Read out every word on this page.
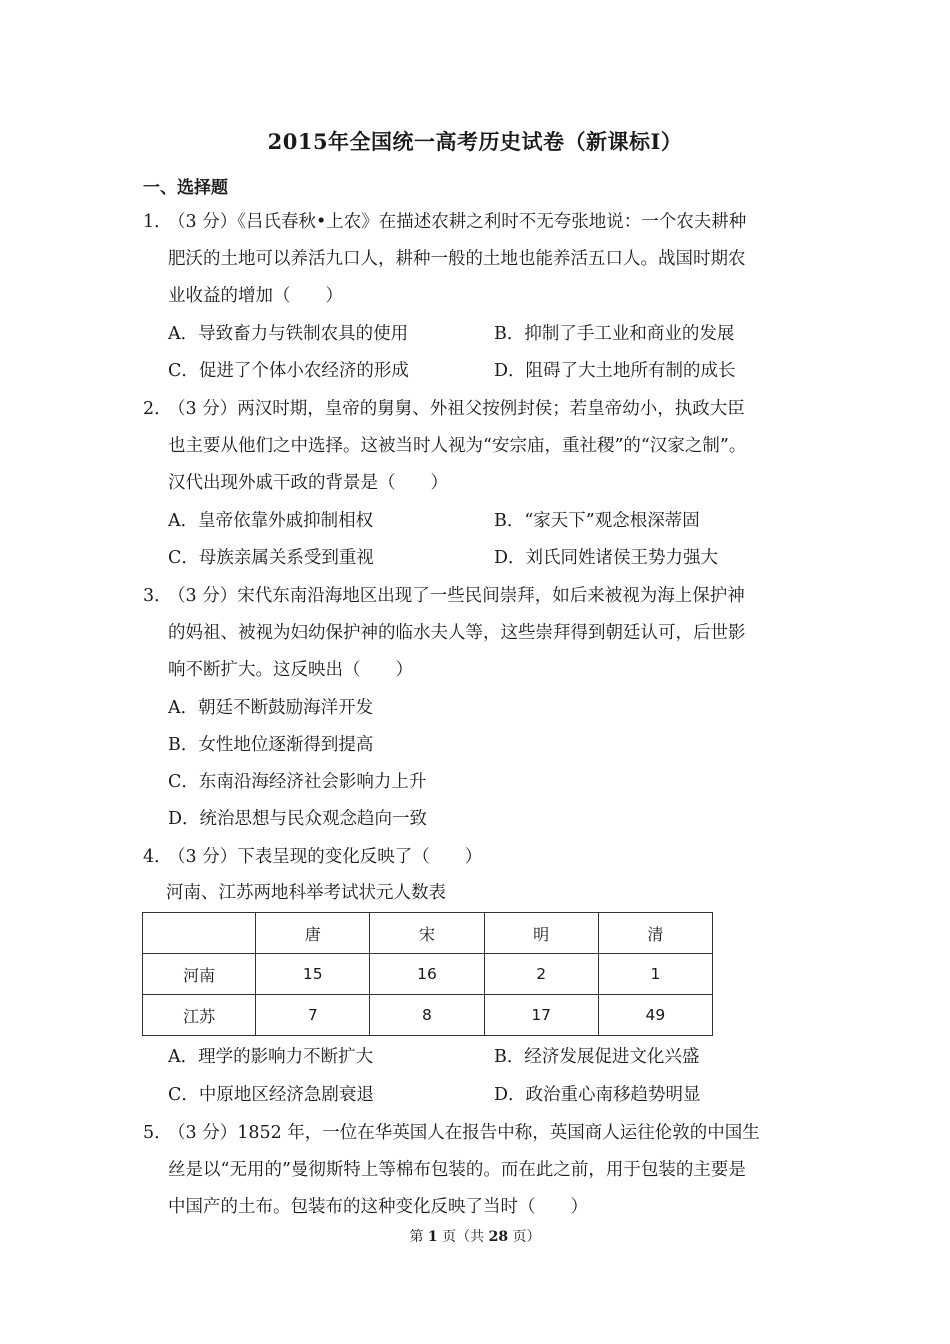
2015年全国统一高考历史试卷（新课标I）
一、选择题
1．
（3 分）《吕氏春秋•上农》在描述农耕之利时不无夸张地说：一个农夫耕种
肥沃的土地可以养活九口人，耕种一般的土地也能养活五口人。战国时期农
业收益的增加（　　）
A．导致畜力与铁制农具的使用	B．抑制了手工业和商业的发展
C．促进了个体小农经济的形成	D．阻碍了大土地所有制的成长
2．
（3 分）两汉时期，皇帝的舅舅、外祖父按例封侯；若皇帝幼小，执政大臣
也主要从他们之中选择。这被当时人视为“安宗庙，重社稷”的“汉家之制”。
汉代出现外戚干政的背景是（　　）
A．皇帝依靠外戚抑制相权	B．“家天下”观念根深蒂固
C．母族亲属关系受到重视	D．刘氏同姓诸侯王势力强大
3．
（3 分）宋代东南沿海地区出现了一些民间崇拜，如后来被视为海上保护神
的妈祖、被视为妇幼保护神的临水夫人等，这些崇拜得到朝廷认可，后世影
响不断扩大。这反映出（　　）
A．朝廷不断鼓励海洋开发
B．女性地位逐渐得到提高
C．东南沿海经济社会影响力上升
D．统治思想与民众观念趋向一致
4．
（3 分）下表呈现的变化反映了（　　）
河南、江苏两地科举考试状元人数表
	唐	宋	明	清
河南	15	16	2	1
江苏	7	8	17	49
A．理学的影响力不断扩大	B．经济发展促进文化兴盛
C．中原地区经济急剧衰退	D．政治重心南移趋势明显
5．
（3 分）1852 年，一位在华英国人在报告中称，英国商人运往伦敦的中国生
丝是以“无用的”曼彻斯特上等棉布包装的。而在此之前，用于包装的主要是
中国产的土布。包装布的这种变化反映了当时（　　）
第 1 页（共 28 页）
